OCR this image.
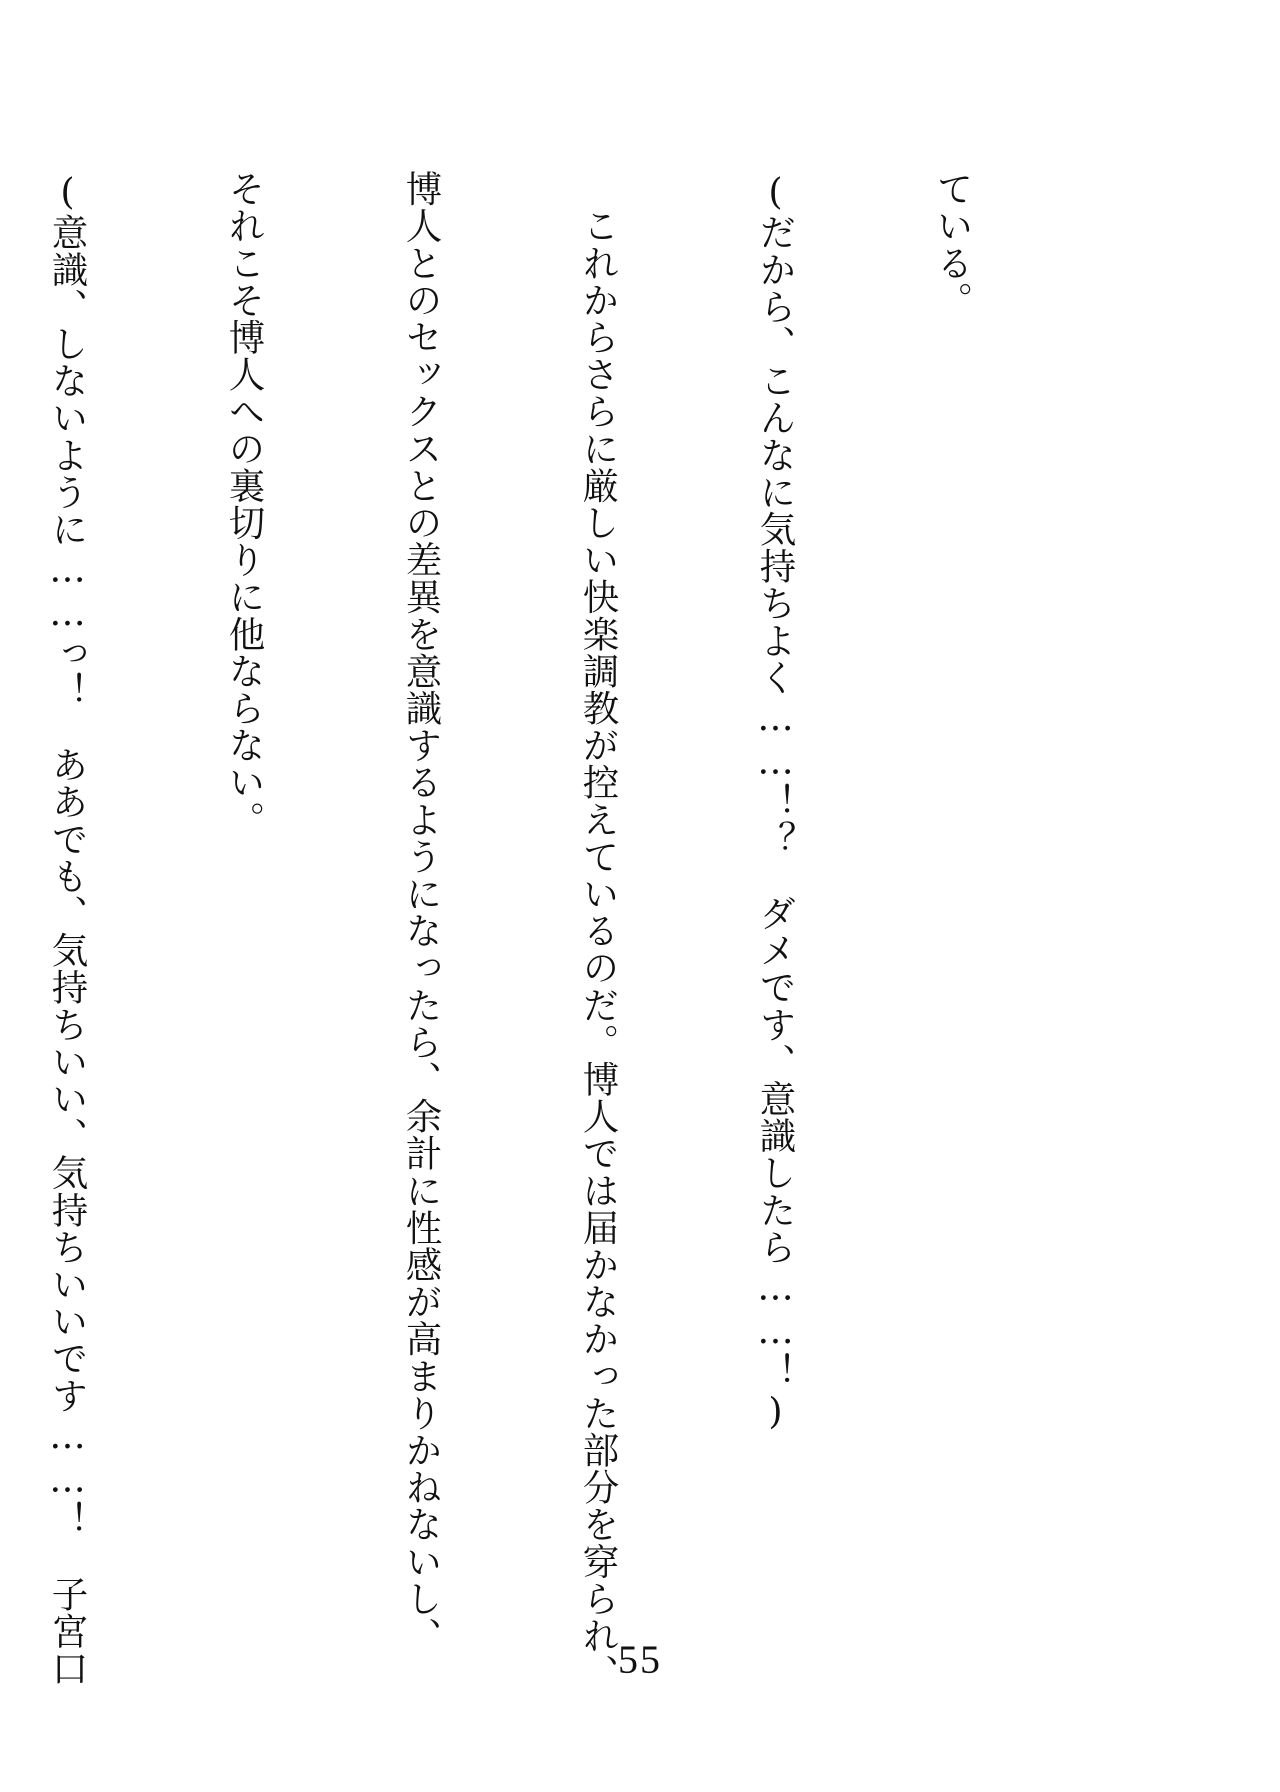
ている。

(だから、こんなに気持ちよく……！？　ダメです、意識したら……！)

　これからさらに厳しい快楽調教が控えているのだ。博人では届かなかった部分を穿られ、

博人とのセックスとの差異を意識するようになったら、余計に性感が高まりかねないし、

それこそ博人への裏切りに他ならない。

(意識、しないように……っ！　ああでも、気持ちいい、気持ちいいです……！　子宮口

	55
